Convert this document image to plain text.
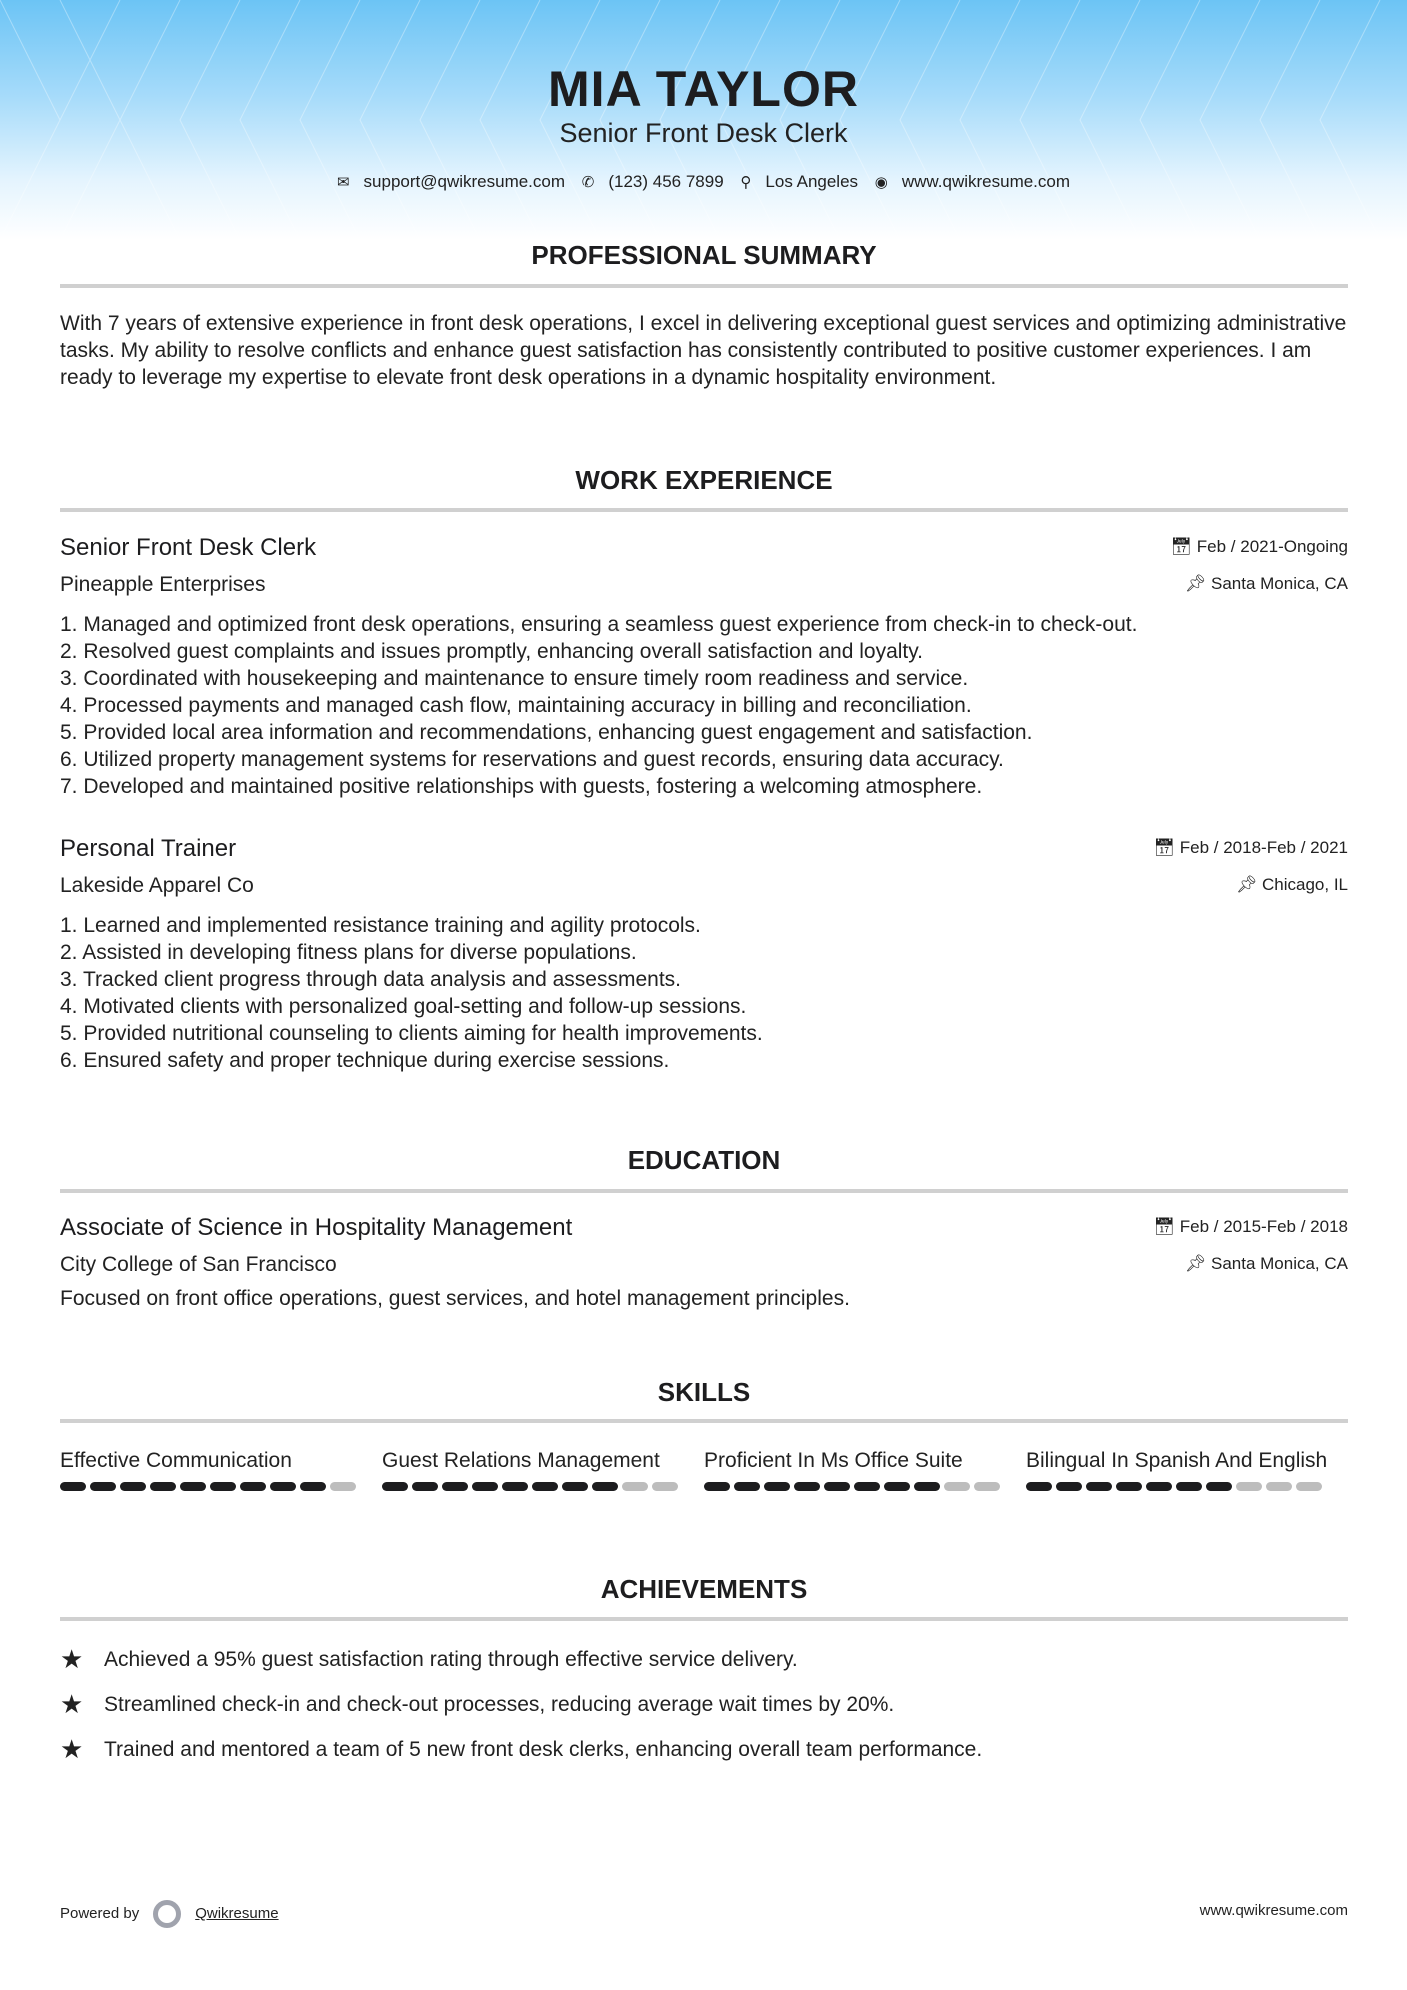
MIA TAYLOR
Senior Front Desk Clerk
✉ support@qwikresume.com ✆ (123) 456 7899 ⚲ Los Angeles ◉ www.qwikresume.com
PROFESSIONAL SUMMARY
With 7 years of extensive experience in front desk operations, I excel in delivering exceptional guest services and optimizing administrative tasks. My ability to resolve conflicts and enhance guest satisfaction has consistently contributed to positive customer experiences. I am ready to leverage my expertise to elevate front desk operations in a dynamic hospitality environment.
WORK EXPERIENCE
Senior Front Desk Clerk	📅︎ Feb / 2021-Ongoing
Pineapple Enterprises	📌︎ Santa Monica, CA
1. Managed and optimized front desk operations, ensuring a seamless guest experience from check-in to check-out.
2. Resolved guest complaints and issues promptly, enhancing overall satisfaction and loyalty.
3. Coordinated with housekeeping and maintenance to ensure timely room readiness and service.
4. Processed payments and managed cash flow, maintaining accuracy in billing and reconciliation.
5. Provided local area information and recommendations, enhancing guest engagement and satisfaction.
6. Utilized property management systems for reservations and guest records, ensuring data accuracy.
7. Developed and maintained positive relationships with guests, fostering a welcoming atmosphere.
Personal Trainer	📅︎ Feb / 2018-Feb / 2021
Lakeside Apparel Co	📌︎ Chicago, IL
1. Learned and implemented resistance training and agility protocols.
2. Assisted in developing fitness plans for diverse populations.
3. Tracked client progress through data analysis and assessments.
4. Motivated clients with personalized goal-setting and follow-up sessions.
5. Provided nutritional counseling to clients aiming for health improvements.
6. Ensured safety and proper technique during exercise sessions.
EDUCATION
Associate of Science in Hospitality Management	📅︎ Feb / 2015-Feb / 2018
City College of San Francisco	📌︎ Santa Monica, CA
Focused on front office operations, guest services, and hotel management principles.
SKILLS
Effective Communication	Guest Relations Management	Proficient In Ms Office Suite	Bilingual In Spanish And English
ACHIEVEMENTS
★ Achieved a 95% guest satisfaction rating through effective service delivery.
★ Streamlined check-in and check-out processes, reducing average wait times by 20%.
★ Trained and mentored a team of 5 new front desk clerks, enhancing overall team performance.
Powered by	Qwikresume	www.qwikresume.com
